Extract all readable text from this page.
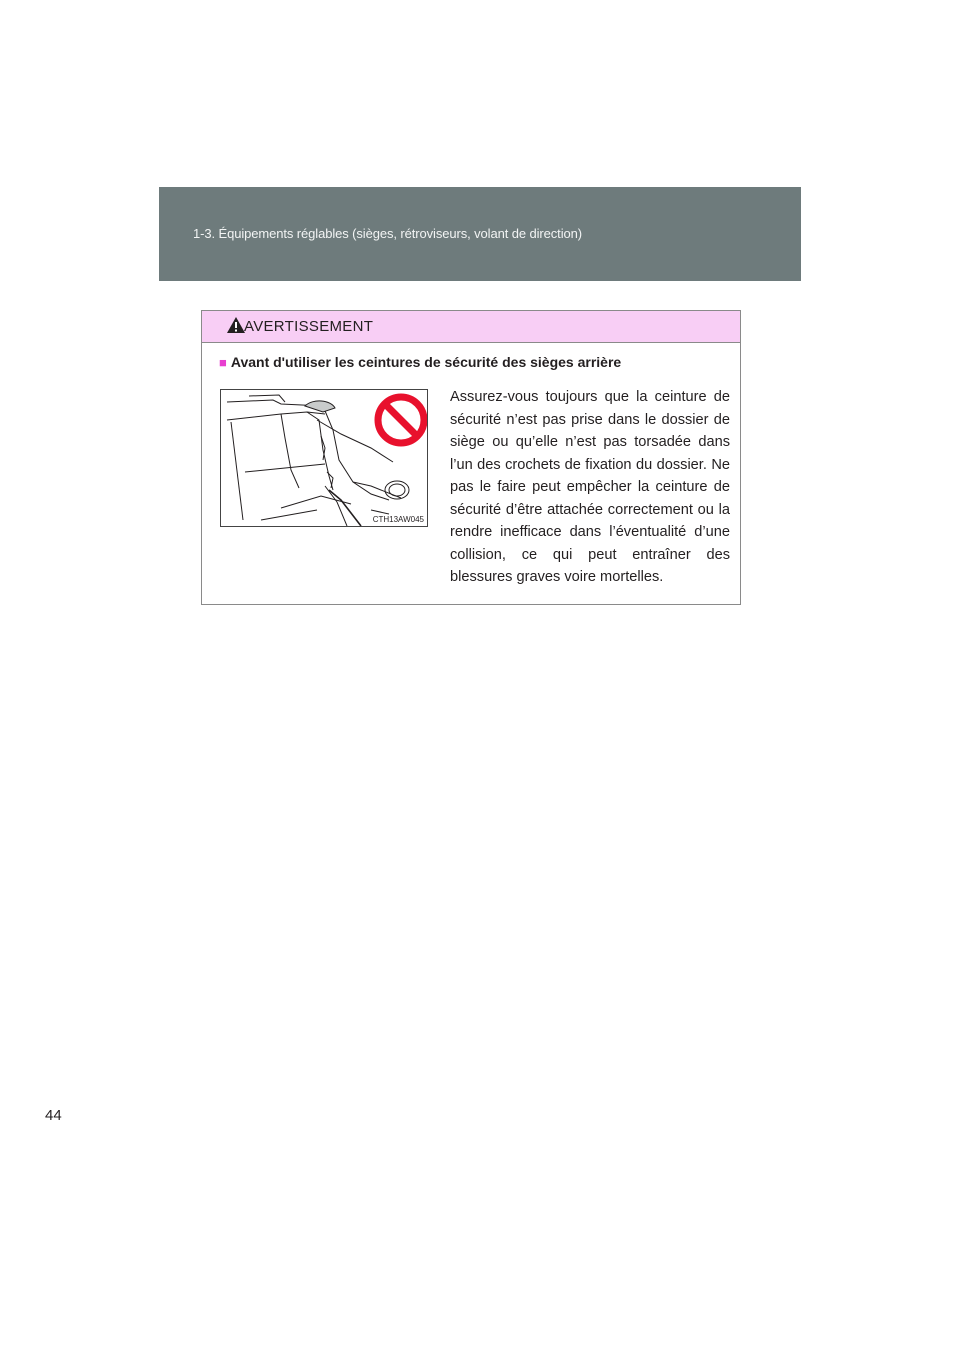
1-3. Équipements réglables (sièges, rétroviseurs, volant de direction)
AVERTISSEMENT
■ Avant d'utiliser les ceintures de sécurité des sièges arrière
CTH13AW045
Assurez-vous toujours que la ceinture de sécurité n’est pas prise dans le dossier de siège ou qu’elle n’est pas torsadée dans l’un des crochets de fixation du dossier. Ne pas le faire peut empêcher la ceinture de sécurité d’être attachée correctement ou la rendre inefficace dans l’éventualité d’une collision, ce qui peut entraîner des blessures graves voire mortelles.
44
